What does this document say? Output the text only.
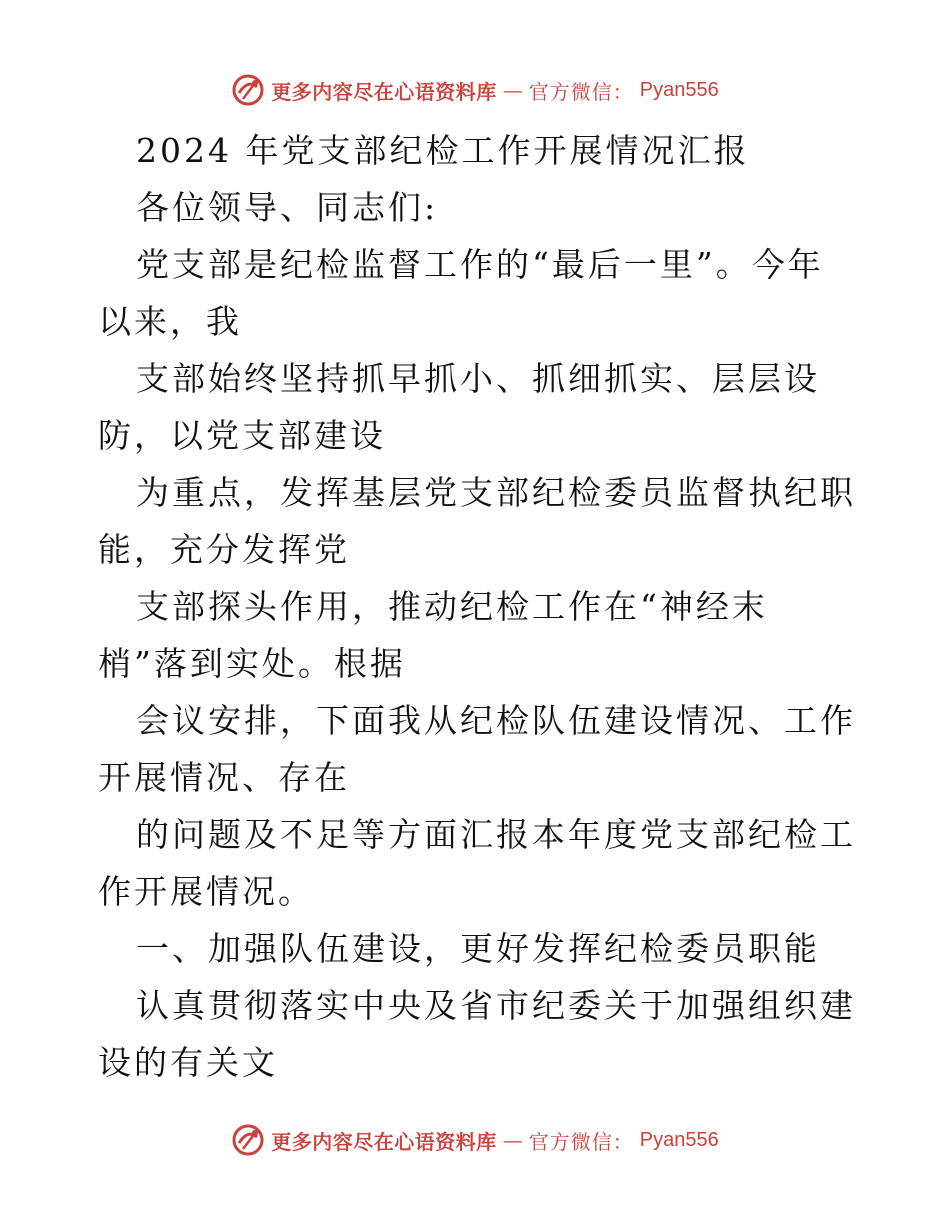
更多内容尽在心语资料库 — 官方微信： Pyan556

2024 年党支部纪检工作开展情况汇报

各位领导、同志们:

党支部是纪检监督工作的“最后一里”。今年以来，我

支部始终坚持抓早抓小、抓细抓实、层层设防，以党支部建设

为重点，发挥基层党支部纪检委员监督执纪职能，充分发挥党

支部探头作用，推动纪检工作在“神经末梢”落到实处。根据

会议安排，下面我从纪检队伍建设情况、工作开展情况、存在

的问题及不足等方面汇报本年度党支部纪检工作开展情况。

一、加强队伍建设，更好发挥纪检委员职能

认真贯彻落实中央及省市纪委关于加强组织建设的有关文

更多内容尽在心语资料库 — 官方微信： Pyan556
